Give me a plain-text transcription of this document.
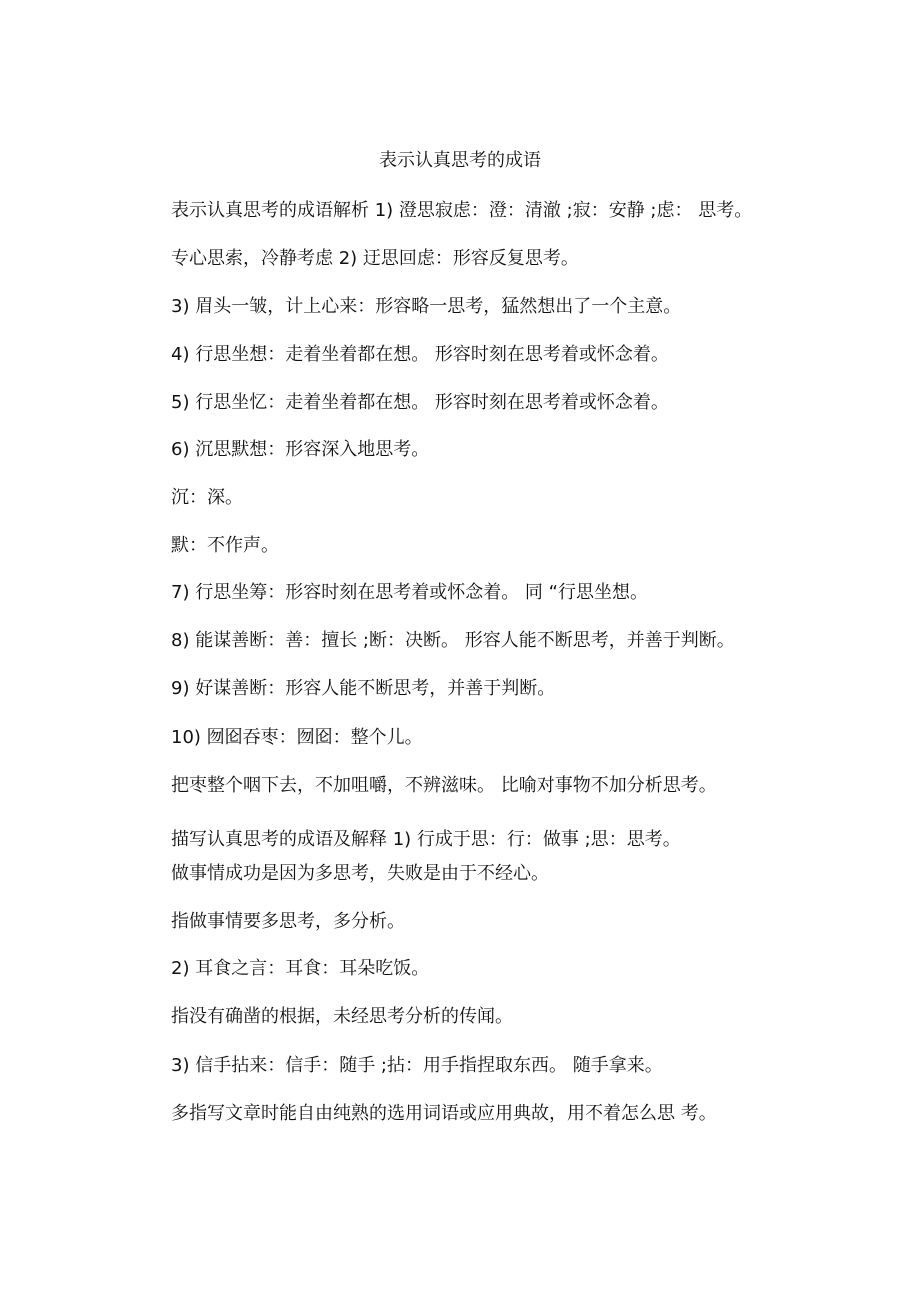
表示认真思考的成语
表示认真思考的成语解析 1) 澄思寂虑：澄：清澈 ;寂：安静 ;虑： 思考。
专心思索，冷静考虑 2) 迂思回虑：形容反复思考。
3) 眉头一皱，计上心来：形容略一思考，猛然想出了一个主意。
4) 行思坐想：走着坐着都在想。 形容时刻在思考着或怀念着。
5) 行思坐忆：走着坐着都在想。 形容时刻在思考着或怀念着。
6) 沉思默想：形容深入地思考。
沉：深。
默：不作声。
7) 行思坐筹：形容时刻在思考着或怀念着。 同 “行思坐想。
8) 能谋善断：善：擅长 ;断：决断。 形容人能不断思考，并善于判断。
9) 好谋善断：形容人能不断思考，并善于判断。
10) 囫囵吞枣：囫囵：整个儿。
把枣整个咽下去，不加咀嚼，不辨滋味。 比喻对事物不加分析思考。
描写认真思考的成语及解释 1) 行成于思：行：做事 ;思：思考。
做事情成功是因为多思考，失败是由于不经心。
指做事情要多思考，多分析。
2) 耳食之言：耳食：耳朵吃饭。
指没有确凿的根据，未经思考分析的传闻。
3) 信手拈来：信手：随手 ;拈：用手指捏取东西。 随手拿来。
多指写文章时能自由纯熟的选用词语或应用典故，用不着怎么思 考。
